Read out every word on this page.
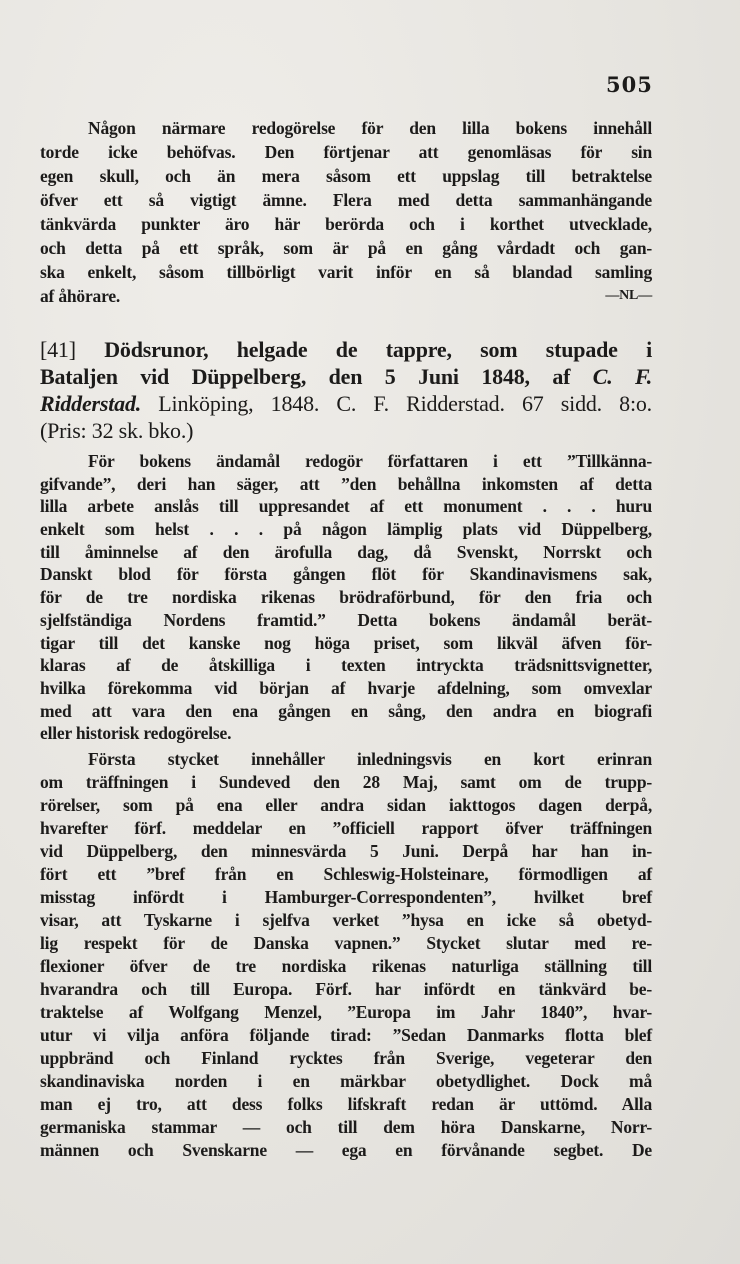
505
Någon närmare redogörelse för den lilla bokens innehåll
torde icke behöfvas. Den förtjenar att genomläsas för sin
egen skull, och än mera såsom ett uppslag till betraktelse
öfver ett så vigtigt ämne. Flera med detta sammanhängande
tänkvärda punkter äro här berörda och i korthet utvecklade,
och detta på ett språk, som är på en gång vårdadt och gan-
ska enkelt, såsom tillbörligt varit inför en så blandad samling
af åhörare.	—NL—
[41] Dödsrunor, helgade de tappre, som stupade i
Bataljen vid Düppelberg, den 5 Juni 1848, af C. F.
Ridderstad. Linköping, 1848. C. F. Ridderstad. 67 sidd. 8:o.
(Pris: 32 sk. bko.)
För bokens ändamål redogör författaren i ett ”Tillkänna-
gifvande”, deri han säger, att ”den behållna inkomsten af detta
lilla arbete anslås till uppresandet af ett monument . . . huru
enkelt som helst . . . på någon lämplig plats vid Düppelberg,
till åminnelse af den ärofulla dag, då Svenskt, Norrskt och
Danskt blod för första gången flöt för Skandinavismens sak,
för de tre nordiska rikenas brödraförbund, för den fria och
sjelfständiga Nordens framtid.” Detta bokens ändamål berät-
tigar till det kanske nog höga priset, som likväl äfven för-
klaras af de åtskilliga i texten intryckta trädsnittsvignetter,
hvilka förekomma vid början af hvarje afdelning, som omvexlar
med att vara den ena gången en sång, den andra en biografi
eller historisk redogörelse.
Första stycket innehåller inledningsvis en kort erinran
om träffningen i Sundeved den 28 Maj, samt om de trupp-
rörelser, som på ena eller andra sidan iakttogos dagen derpå,
hvarefter förf. meddelar en ”officiell rapport öfver träffningen
vid Düppelberg, den minnesvärda 5 Juni. Derpå har han in-
fört ett ”bref från en Schleswig-Holsteinare, förmodligen af
misstag infördt i Hamburger-Correspondenten”, hvilket bref
visar, att Tyskarne i sjelfva verket ”hysa en icke så obetyd-
lig respekt för de Danska vapnen.” Stycket slutar med re-
flexioner öfver de tre nordiska rikenas naturliga ställning till
hvarandra och till Europa. Förf. har infördt en tänkvärd be-
traktelse af Wolfgang Menzel, ”Europa im Jahr 1840”, hvar-
utur vi vilja anföra följande tirad: ”Sedan Danmarks flotta blef
uppbränd och Finland rycktes från Sverige, vegeterar den
skandinaviska norden i en märkbar obetydlighet. Dock må
man ej tro, att dess folks lifskraft redan är uttömd. Alla
germaniska stammar — och till dem höra Danskarne, Norr-
männen och Svenskarne — ega en förvånande segbet. De
